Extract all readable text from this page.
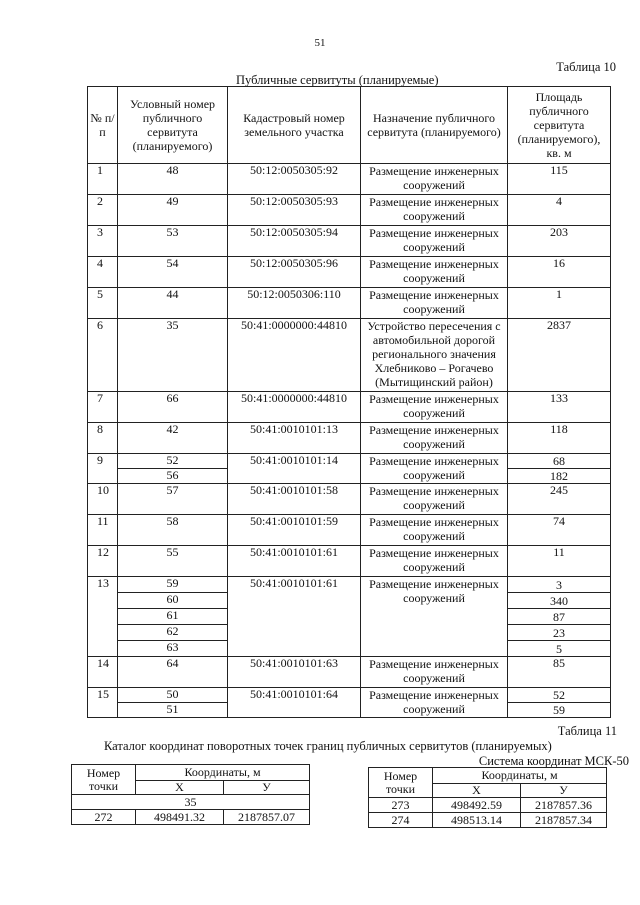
51
Таблица 10
Публичные сервитуты (планируемые)
№ п/п	Условный номер публичного сервитута (планируемого)	Кадастровый номер земельного участка	Назначение публичного сервитута (планируемого)	Площадь публичного сервитута (планируемого), кв. м
1	48	50:12:0050305:92	Размещение инженерных сооружений	115
2	49	50:12:0050305:93	Размещение инженерных сооружений	4
3	53	50:12:0050305:94	Размещение инженерных сооружений	203
4	54	50:12:0050305:96	Размещение инженерных сооружений	16
5	44	50:12:0050306:110	Размещение инженерных сооружений	1
6	35	50:41:0000000:44810	Устройство пересечения с автомобильной дорогой регионального значения Хлебниково – Рогачево (Мытищинский район)	2837
7	66	50:41:0000000:44810	Размещение инженерных сооружений	133
8	42	50:41:0010101:13	Размещение инженерных сооружений	118
9	52	50:41:0010101:14	Размещение инженерных сооружений	68
	56			182
10	57	50:41:0010101:58	Размещение инженерных сооружений	245
11	58	50:41:0010101:59	Размещение инженерных сооружений	74
12	55	50:41:0010101:61	Размещение инженерных сооружений	11
13	59	50:41:0010101:61	Размещение инженерных сооружений	3
	60			340
	61			87
	62			23
	63			5
14	64	50:41:0010101:63	Размещение инженерных сооружений	85
15	50	50:41:0010101:64	Размещение инженерных сооружений	52
	51			59
Таблица 11
Каталог координат поворотных точек границ публичных сервитутов (планируемых)
Система координат МСК-50
Номер точки	Координаты, м	
	Х	У
35		
272	498491.32	2187857.07
Номер точки	Координаты, м	
	Х	У
273	498492.59	2187857.36
274	498513.14	2187857.34
